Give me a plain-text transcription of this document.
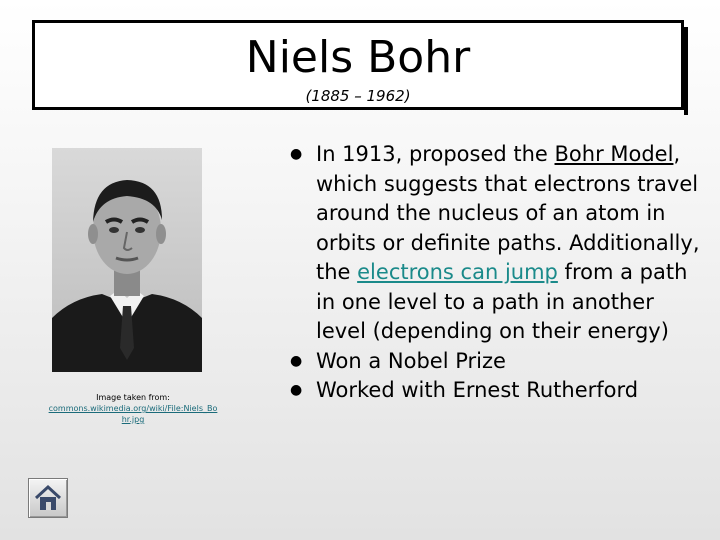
Niels Bohr
(1885 – 1962)
Image taken from:
commons.wikimedia.org/wiki/File:Niels_Bohr.jpg
● In 1913, proposed the Bohr Model, which suggests that electrons travel around the nucleus of an atom in orbits or definite paths. Additionally, the electrons can jump from a path in one level to a path in another level (depending on their energy)
● Won a Nobel Prize
● Worked with Ernest Rutherford
